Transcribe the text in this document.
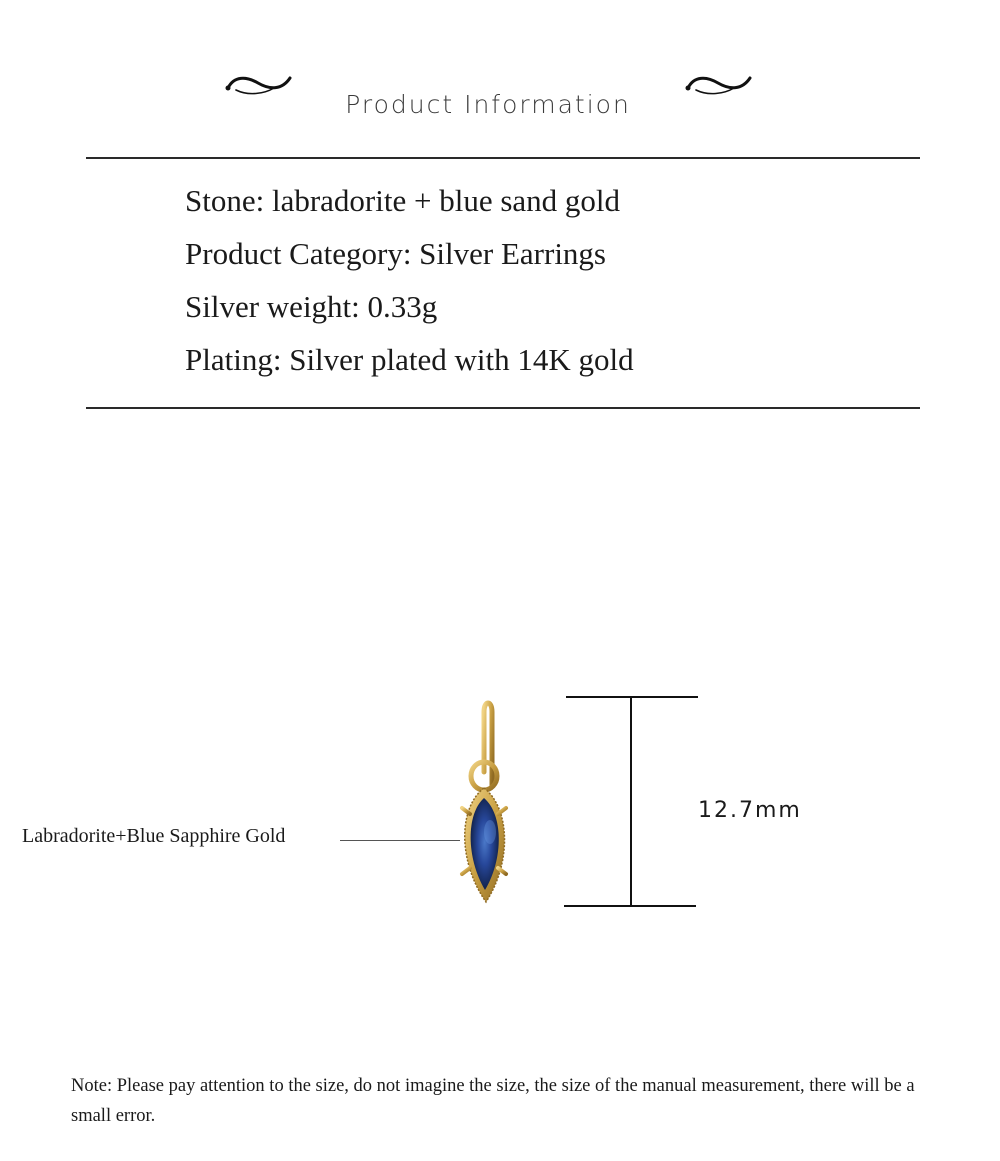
Product Information
Stone: labradorite + blue sand gold
Product Category: Silver Earrings
Silver weight: 0.33g
Plating: Silver plated with 14K gold
Labradorite+Blue Sapphire Gold
12.7mm
Note: Please pay attention to the size, do not imagine the size, the size of the manual measurement, there will be a small error.
